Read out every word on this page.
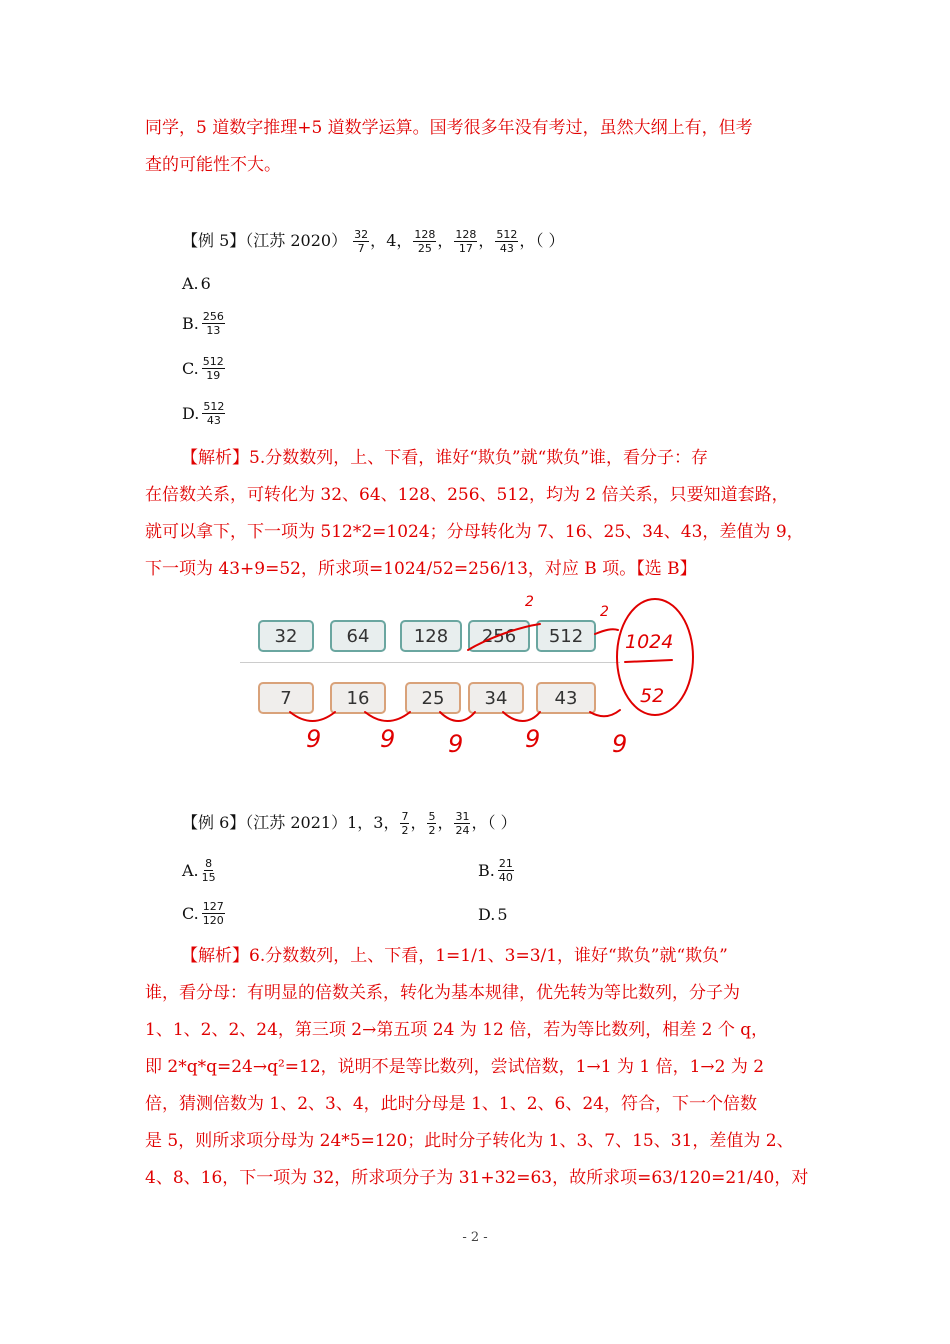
同学，5 道数字推理+5 道数学运算。国考很多年没有考过，虽然大纲上有，但考
查的可能性不大。
【例 5】（江苏 $2020) \frac{32}{7}$ ，4， $\frac{128}{25}$ ， $\frac{128}{17}$ ， $\frac{512}{43}$ ，（ ）
A. 6
B. $\frac{256}{13}$
C. $\frac{512}{19}$
D. $\frac{512}{43}$
【解析】5.分数数列，上、下看，谁好“欺负”就“欺负”谁，看分子：存
在倍数关系，可转化为 32、64、128、256、512，均为 2 倍关系，只要知道套路，
就可以拿下，下一项为 512*2=1024；分母转化为 7、16、25、34、43，差值为 9，
下一项为 43+9=52，所求项=1024/52=256/13，对应 B 项。【选 B】
32	64	128	256	512
7	16	25	34	43
2
2
1024
52
9 9 9	9	9
【例 6】（江苏 2021）1，3， $\frac{7}{2}$ ， $\frac{5}{2}$ ， $\frac{31}{24}$ ，（ ）
A. $\frac{8}{15}$	B. $\frac{21}{40}$
C. $\frac{127}{120}$	D. 5
【解析】6.分数数列，上、下看，1=1/1、3=3/1，谁好“欺负”就“欺负”
谁，看分母：有明显的倍数关系，转化为基本规律，优先转为等比数列，分子为
1、1、2、2、24，第三项 2→第五项 24 为 12 倍，若为等比数列，相差 2 个 q，
即 2*q*q=24→q²=12，说明不是等比数列，尝试倍数，1→1 为 1 倍，1→2 为 2
倍，猜测倍数为 1、2、3、4，此时分母是 1、1、2、6、24，符合，下一个倍数
是 5，则所求项分母为 24*5=120；此时分子转化为 1、3、7、15、31，差值为 2、
4、8、16，下一项为 32，所求项分子为 31+32=63，故所求项=63/120=21/40，对
- 2 -
